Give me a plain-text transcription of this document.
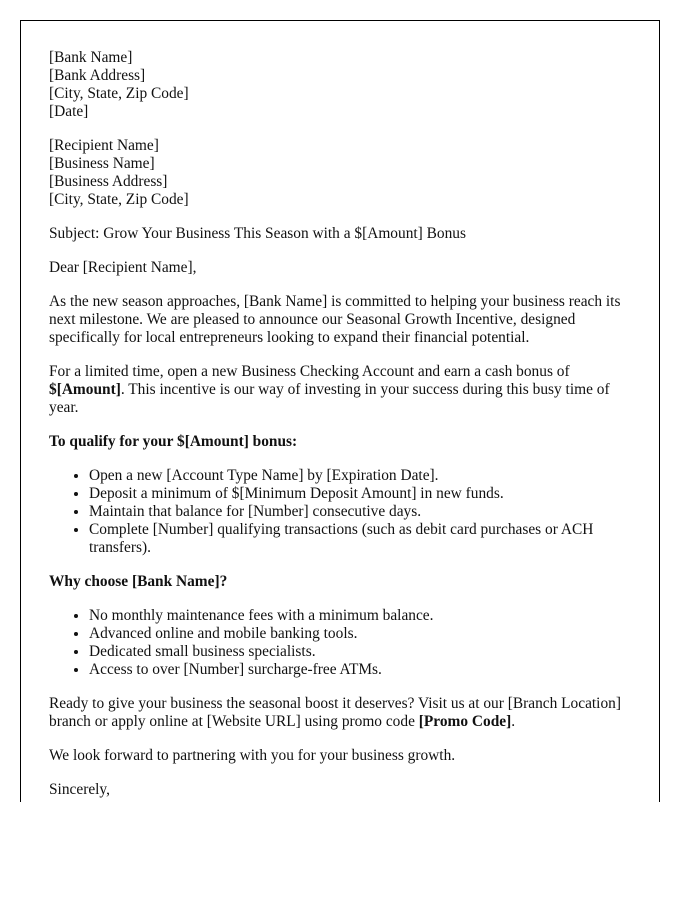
[Bank Name]
[Bank Address]
[City, State, Zip Code]
[Date]
[Recipient Name]
[Business Name]
[Business Address]
[City, State, Zip Code]

Subject: Grow Your Business This Season with a $[Amount] Bonus

Dear [Recipient Name],

As the new season approaches, [Bank Name] is committed to helping your business reach its next milestone. We are pleased to announce our Seasonal Growth Incentive, designed specifically for local entrepreneurs looking to expand their financial potential.

For a limited time, open a new Business Checking Account and earn a cash bonus of $[Amount]. This incentive is our way of investing in your success during this busy time of year.

To qualify for your $[Amount] bonus:
• Open a new [Account Type Name] by [Expiration Date].
• Deposit a minimum of $[Minimum Deposit Amount] in new funds.
• Maintain that balance for [Number] consecutive days.
• Complete [Number] qualifying transactions (such as debit card purchases or ACH transfers).
Why choose [Bank Name]?
• No monthly maintenance fees with a minimum balance.
• Advanced online and mobile banking tools.
• Dedicated small business specialists.
• Access to over [Number] surcharge-free ATMs.

Ready to give your business the seasonal boost it deserves? Visit us at our [Branch Location] branch or apply online at [Website URL] using promo code [Promo Code].

We look forward to partnering with you for your business growth.

Sincerely,
